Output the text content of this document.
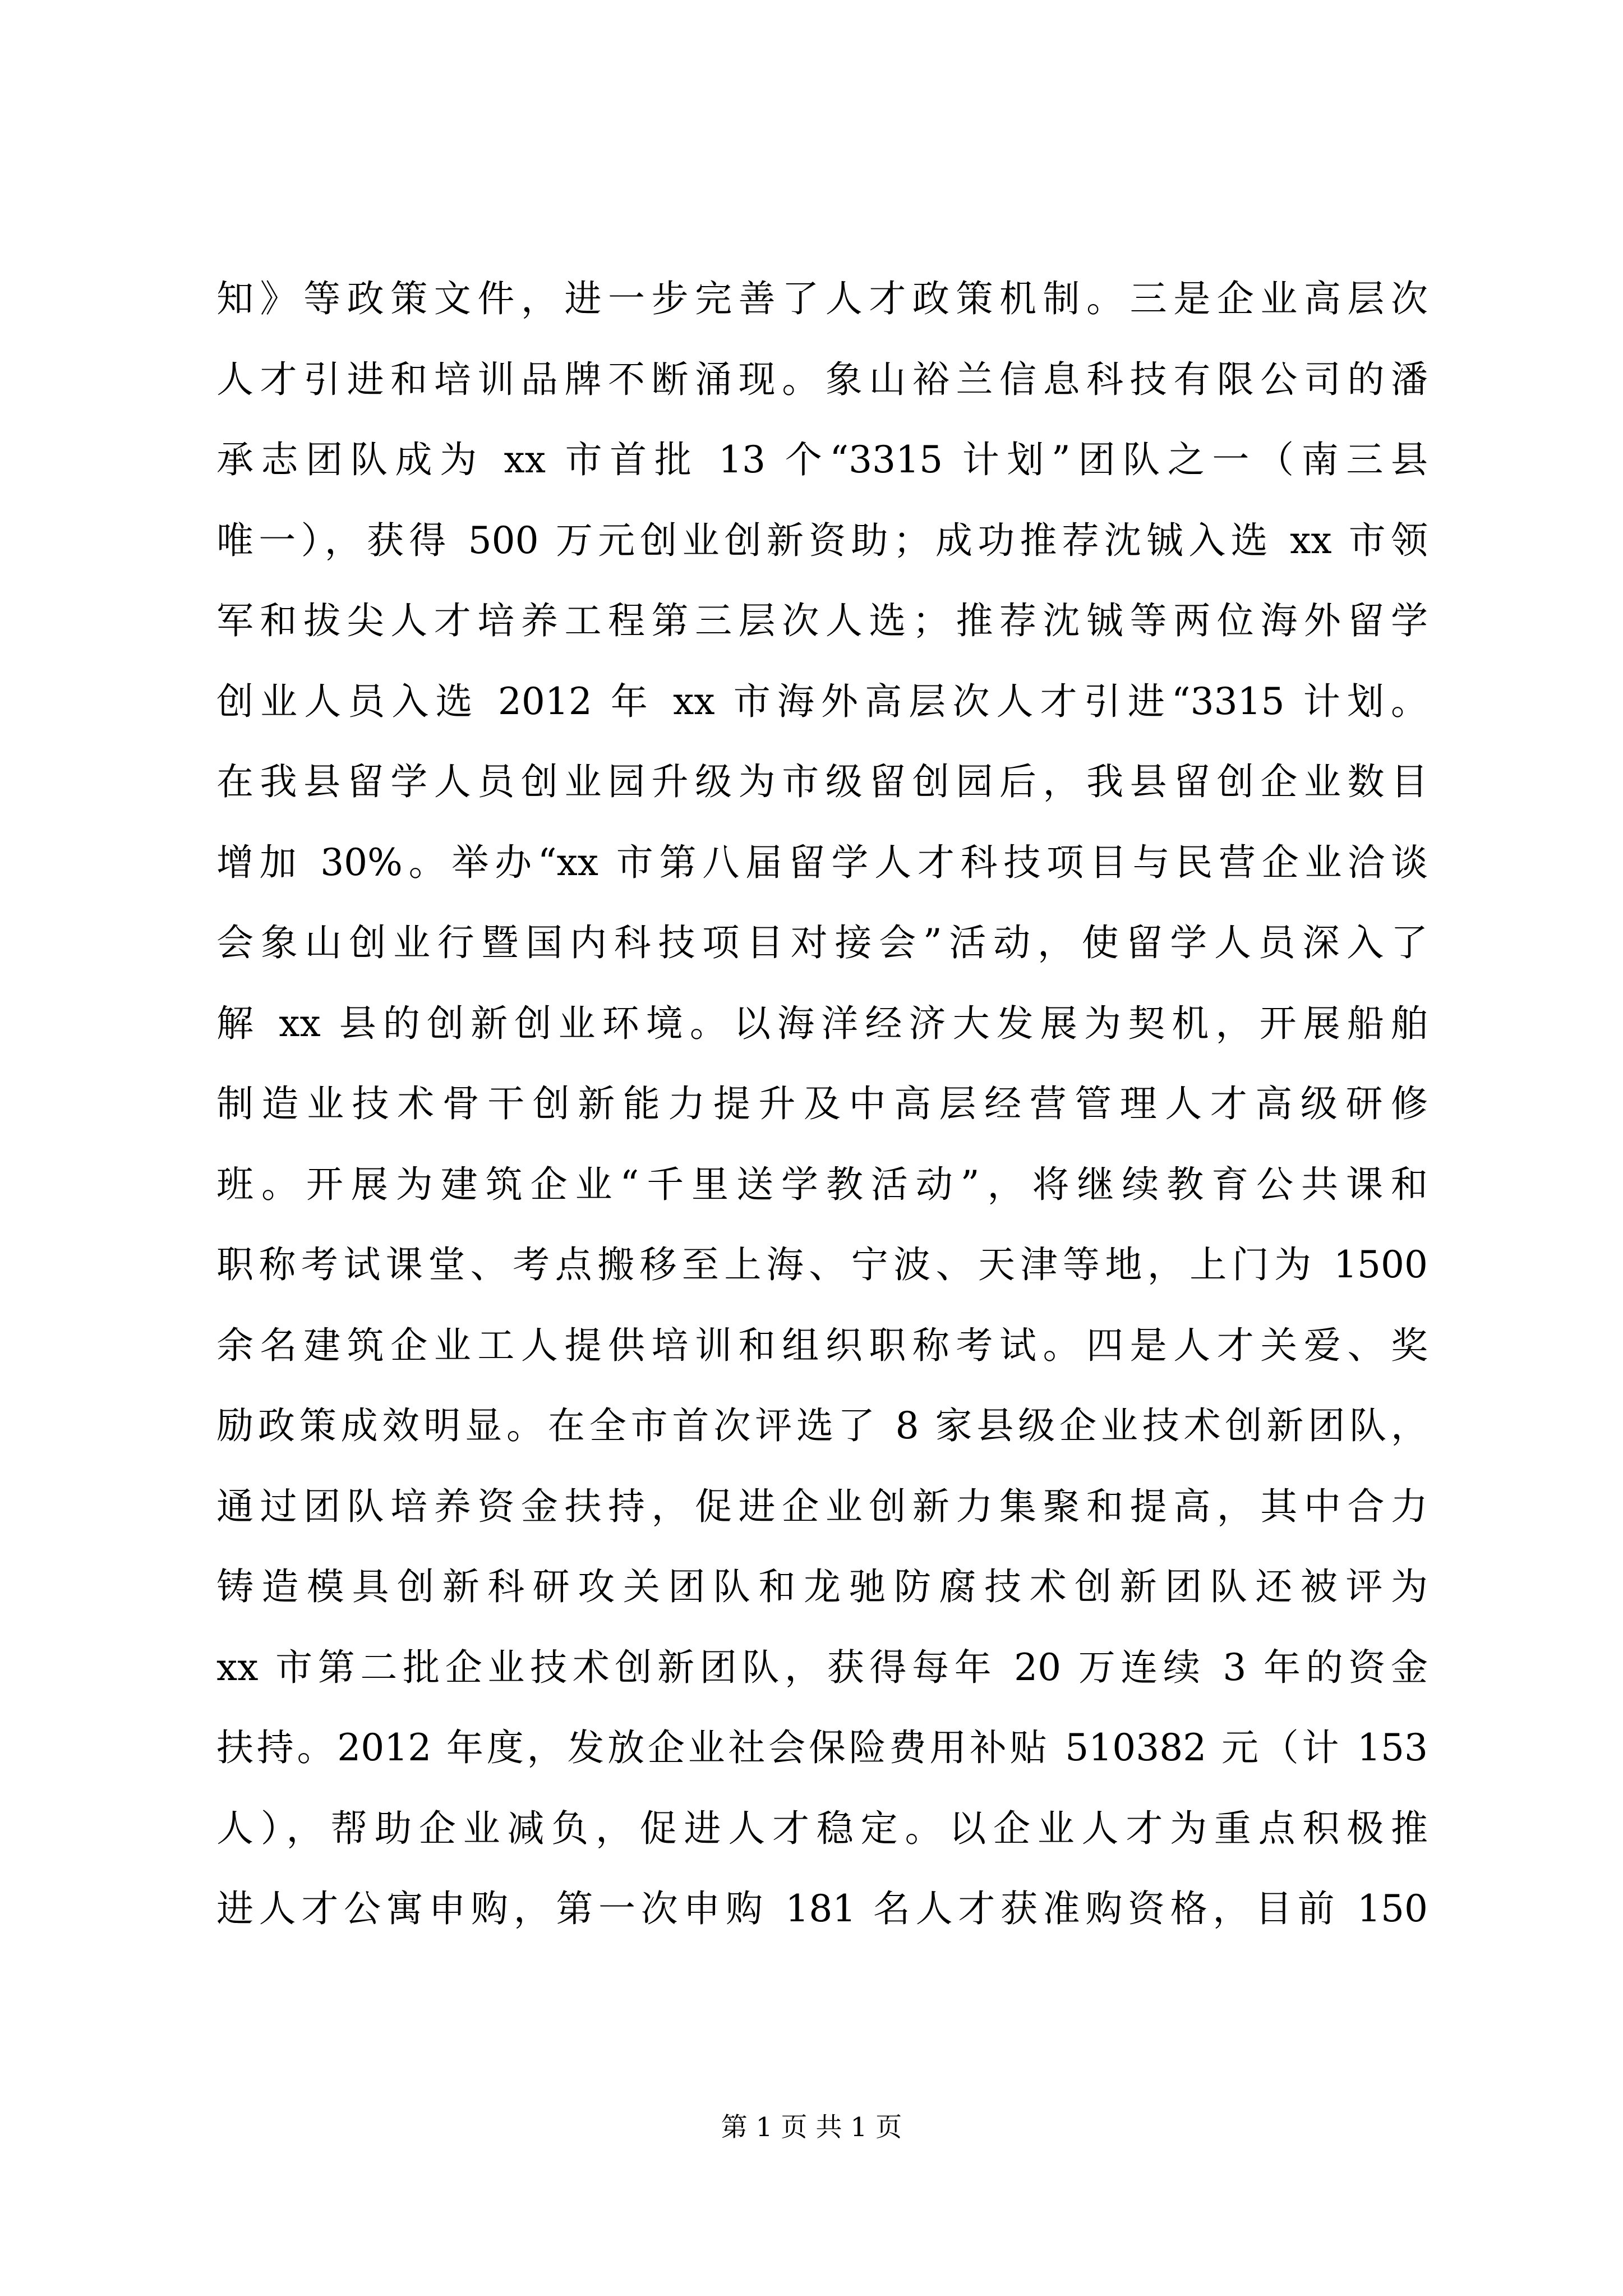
知》等政策文件，进一步完善了人才政策机制。三是企业高层次
人才引进和培训品牌不断涌现。象山裕兰信息科技有限公司的潘
承志团队成为 xx 市首批 13 个“3315 计划”团队之一（南三县
唯一），获得 500 万元创业创新资助；成功推荐沈铖入选 xx 市领
军和拔尖人才培养工程第三层次人选；推荐沈铖等两位海外留学
创业人员入选 2012 年 xx 市海外高层次人才引进“3315 计划。
在我县留学人员创业园升级为市级留创园后，我县留创企业数目
增加 30%。举办“xx 市第八届留学人才科技项目与民营企业洽谈
会象山创业行暨国内科技项目对接会”活动，使留学人员深入了
解 xx 县的创新创业环境。以海洋经济大发展为契机，开展船舶
制造业技术骨干创新能力提升及中高层经营管理人才高级研修
班。开展为建筑企业“千里送学教活动”，将继续教育公共课和
职称考试课堂、考点搬移至上海、宁波、天津等地，上门为 1500
余名建筑企业工人提供培训和组织职称考试。四是人才关爱、奖
励政策成效明显。在全市首次评选了 8 家县级企业技术创新团队，
通过团队培养资金扶持，促进企业创新力集聚和提高，其中合力
铸造模具创新科研攻关团队和龙驰防腐技术创新团队还被评为
xx 市第二批企业技术创新团队，获得每年 20 万连续 3 年的资金
扶持。2012 年度，发放企业社会保险费用补贴 510382 元（计 153
人），帮助企业减负，促进人才稳定。以企业人才为重点积极推
进人才公寓申购，第一次申购 181 名人才获准购资格，目前 150
第 1 页 共 1 页
